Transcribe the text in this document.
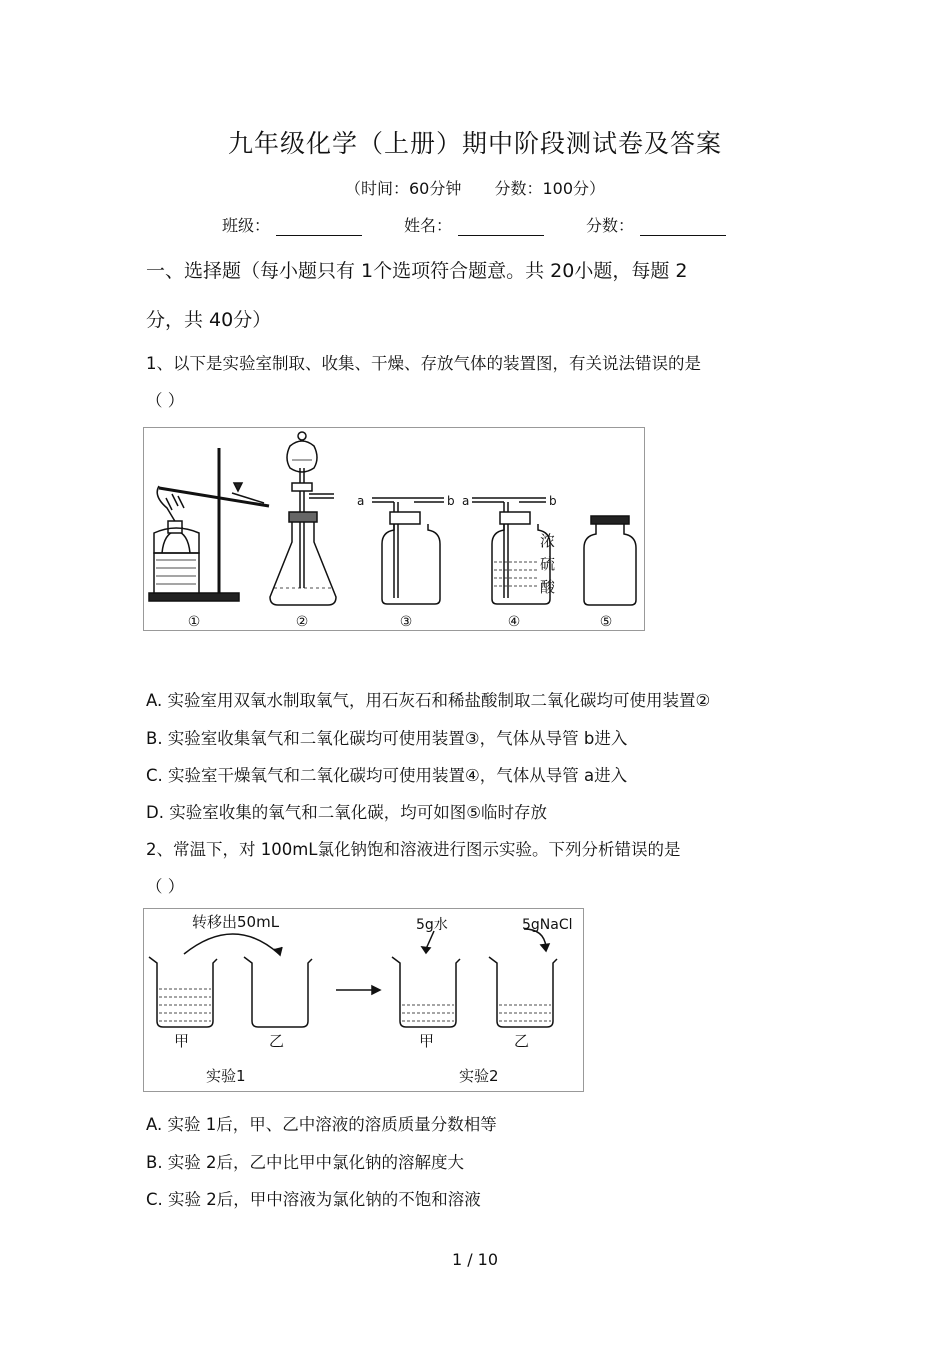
九年级化学（上册）期中阶段测试卷及答案
（时间：60分钟 分数：100分）
班级：	姓名：	分数：
一、选择题（每小题只有 1个选项符合题意。共 20小题，每题 2
分，共 40分）
1、以下是实验室制取、收集、干燥、存放气体的装置图，有关说法错误的是
（ ）
a	b a	b
浓
硫
酸
①	②	③	④	⑤
A. 实验室用双氧水制取氧气，用石灰石和稀盐酸制取二氧化碳均可使用装置②
B. 实验室收集氧气和二氧化碳均可使用装置③，气体从导管 b进入
C. 实验室干燥氧气和二氧化碳均可使用装置④，气体从导管 a进入
D. 实验室收集的氧气和二氧化碳，均可如图⑤临时存放
2、常温下，对 100mL氯化钠饱和溶液进行图示实验。下列分析错误的是
（ ）
转移出50mL	5g水	5gNaCl
甲	乙	甲	乙
实验1	实验2
A. 实验 1后，甲、乙中溶液的溶质质量分数相等
B. 实验 2后，乙中比甲中氯化钠的溶解度大
C. 实验 2后，甲中溶液为氯化钠的不饱和溶液
1 / 10
